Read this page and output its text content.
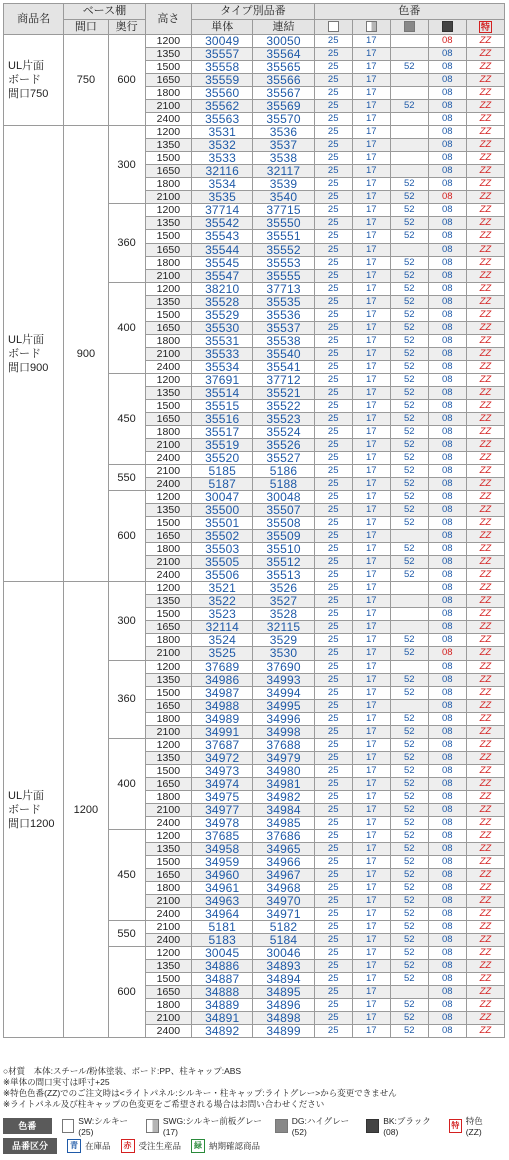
商品名	ベース棚		高さ	タイプ別品番		色番				
	間口	奥行		単体	連結					特

UL片面
ボード
間口750	750	600	1200	30049	30050	25	17		08	ZZ
			1350	35557	35564	25	17		08	ZZ
			1500	35558	35565	25	17	52	08	ZZ
			1650	35559	35566	25	17		08	ZZ
			1800	35560	35567	25	17		08	ZZ
			2100	35562	35569	25	17	52	08	ZZ
			2400	35563	35570	25	17		08	ZZ

UL片面
ボード
間口900	900	300	1200	3531	3536	25	17		08	ZZ
			1350	3532	3537	25	17		08	ZZ
			1500	3533	3538	25	17		08	ZZ
			1650	32116	32117	25	17		08	ZZ
			1800	3534	3539	25	17	52	08	ZZ
			2100	3535	3540	25	17	52	08	ZZ
		360	1200	37714	37715	25	17	52	08	ZZ
			1350	35542	35550	25	17	52	08	ZZ
			1500	35543	35551	25	17	52	08	ZZ
			1650	35544	35552	25	17		08	ZZ
			1800	35545	35553	25	17	52	08	ZZ
			2100	35547	35555	25	17	52	08	ZZ
		400	1200	38210	37713	25	17	52	08	ZZ
			1350	35528	35535	25	17	52	08	ZZ
			1500	35529	35536	25	17	52	08	ZZ
			1650	35530	35537	25	17	52	08	ZZ
			1800	35531	35538	25	17	52	08	ZZ
			2100	35533	35540	25	17	52	08	ZZ
			2400	35534	35541	25	17	52	08	ZZ
		450	1200	37691	37712	25	17	52	08	ZZ
			1350	35514	35521	25	17	52	08	ZZ
			1500	35515	35522	25	17	52	08	ZZ
			1650	35516	35523	25	17	52	08	ZZ
			1800	35517	35524	25	17	52	08	ZZ
			2100	35519	35526	25	17	52	08	ZZ
			2400	35520	35527	25	17	52	08	ZZ
		550	2100	5185	5186	25	17	52	08	ZZ
			2400	5187	5188	25	17	52	08	ZZ
		600	1200	30047	30048	25	17	52	08	ZZ
			1350	35500	35507	25	17	52	08	ZZ
			1500	35501	35508	25	17	52	08	ZZ
			1650	35502	35509	25	17		08	ZZ
			1800	35503	35510	25	17	52	08	ZZ
			2100	35505	35512	25	17	52	08	ZZ
			2400	35506	35513	25	17	52	08	ZZ

UL片面
ボード
間口1200	1200	300	1200	3521	3526	25	17		08	ZZ
			1350	3522	3527	25	17		08	ZZ
			1500	3523	3528	25	17		08	ZZ
			1650	32114	32115	25	17		08	ZZ
			1800	3524	3529	25	17	52	08	ZZ
			2100	3525	3530	25	17	52	08	ZZ
		360	1200	37689	37690	25	17		08	ZZ
			1350	34986	34993	25	17	52	08	ZZ
			1500	34987	34994	25	17	52	08	ZZ
			1650	34988	34995	25	17		08	ZZ
			1800	34989	34996	25	17	52	08	ZZ
			2100	34991	34998	25	17	52	08	ZZ
		400	1200	37687	37688	25	17	52	08	ZZ
			1350	34972	34979	25	17	52	08	ZZ
			1500	34973	34980	25	17	52	08	ZZ
			1650	34974	34981	25	17	52	08	ZZ
			1800	34975	34982	25	17	52	08	ZZ
			2100	34977	34984	25	17	52	08	ZZ
			2400	34978	34985	25	17	52	08	ZZ
		450	1200	37685	37686	25	17	52	08	ZZ
			1350	34958	34965	25	17	52	08	ZZ
			1500	34959	34966	25	17	52	08	ZZ
			1650	34960	34967	25	17	52	08	ZZ
			1800	34961	34968	25	17	52	08	ZZ
			2100	34963	34970	25	17	52	08	ZZ
			2400	34964	34971	25	17	52	08	ZZ
		550	2100	5181	5182	25	17	52	08	ZZ
			2400	5183	5184	25	17	52	08	ZZ
		600	1200	30045	30046	25	17	52	08	ZZ
			1350	34886	34893	25	17	52	08	ZZ
			1500	34887	34894	25	17	52	08	ZZ
			1650	34888	34895	25	17		08	ZZ
			1800	34889	34896	25	17	52	08	ZZ
			2100	34891	34898	25	17	52	08	ZZ
			2400	34892	34899	25	17	52	08	ZZ
○材質　本体:スチール/粉体塗装、ボード:PP、柱キャップ:ABS
※単体の間口実寸は呼寸+25
※特色色番(ZZ)でのご注文時は<ライトパネル:シルキー・柱キャップ:ライトグレー>から変更できません
※ライトパネル及び柱キャップの色変更をご希望される場合はお問い合わせください
色番	SW:シルキー(25)
SWG:シルキー前板グレー(17)
DG:ハイグレー(52)
BK:ブラック(08)
特 特色(ZZ)
品番区分	青 在庫品	赤 受注生産品	緑 納期確認商品
